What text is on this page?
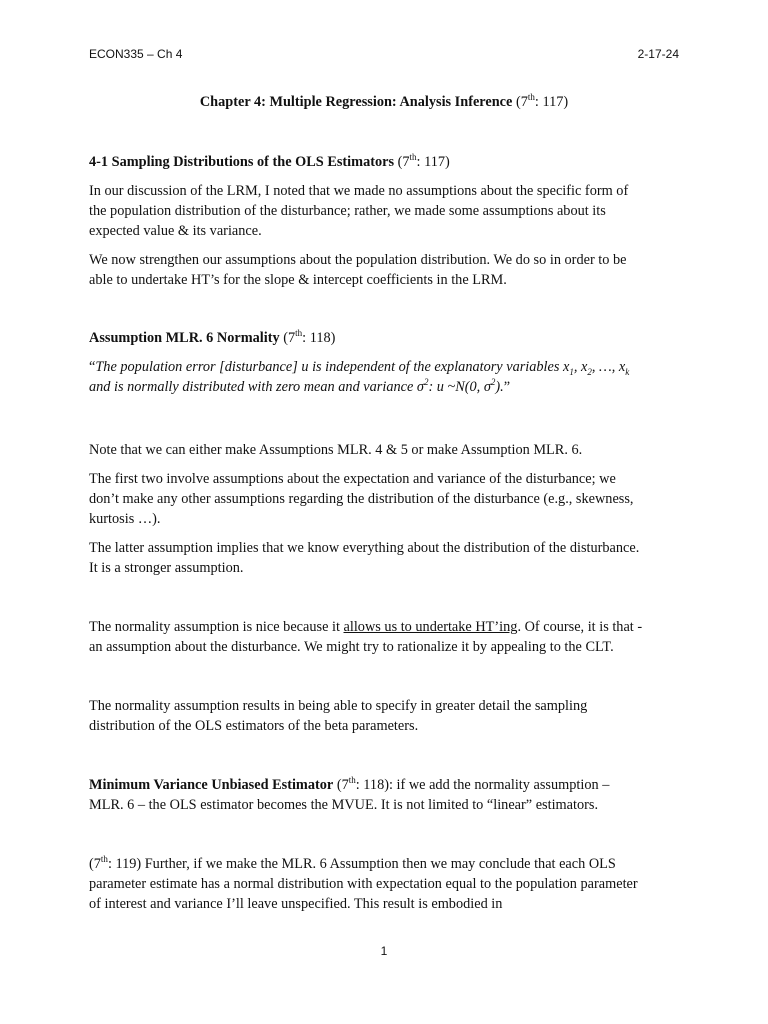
ECON335 – Ch 4	2-17-24
Chapter 4: Multiple Regression: Analysis Inference (7th: 117)
4-1 Sampling Distributions of the OLS Estimators (7th: 117)
In our discussion of the LRM, I noted that we made no assumptions about the specific form of
the population distribution of the disturbance; rather, we made some assumptions about its
expected value & its variance.
We now strengthen our assumptions about the population distribution. We do so in order to be
able to undertake HT’s for the slope & intercept coefficients in the LRM.
Assumption MLR. 6 Normality (7th: 118)
“The population error [disturbance] u is independent of the explanatory variables $x_1$, $x_2$, …, $x_k$
and is normally distributed with zero mean and variance $\sigma^2$: u ~N(0, $\sigma^2$).”
Note that we can either make Assumptions MLR. 4 & 5 or make Assumption MLR. 6.
The first two involve assumptions about the expectation and variance of the disturbance; we
don’t make any other assumptions regarding the distribution of the disturbance (e.g., skewness,
kurtosis …).
The latter assumption implies that we know everything about the distribution of the disturbance.
It is a stronger assumption.
The normality assumption is nice because it allows us to undertake HT’ing. Of course, it is that -
an assumption about the disturbance. We might try to rationalize it by appealing to the CLT.
The normality assumption results in being able to specify in greater detail the sampling
distribution of the OLS estimators of the beta parameters.
Minimum Variance Unbiased Estimator (7th: 118): if we add the normality assumption –
MLR. 6 – the OLS estimator becomes the MVUE. It is not limited to “linear” estimators.
(7th: 119) Further, if we make the MLR. 6 Assumption then we may conclude that each OLS
parameter estimate has a normal distribution with expectation equal to the population parameter
of interest and variance I’ll leave unspecified. This result is embodied in
1
